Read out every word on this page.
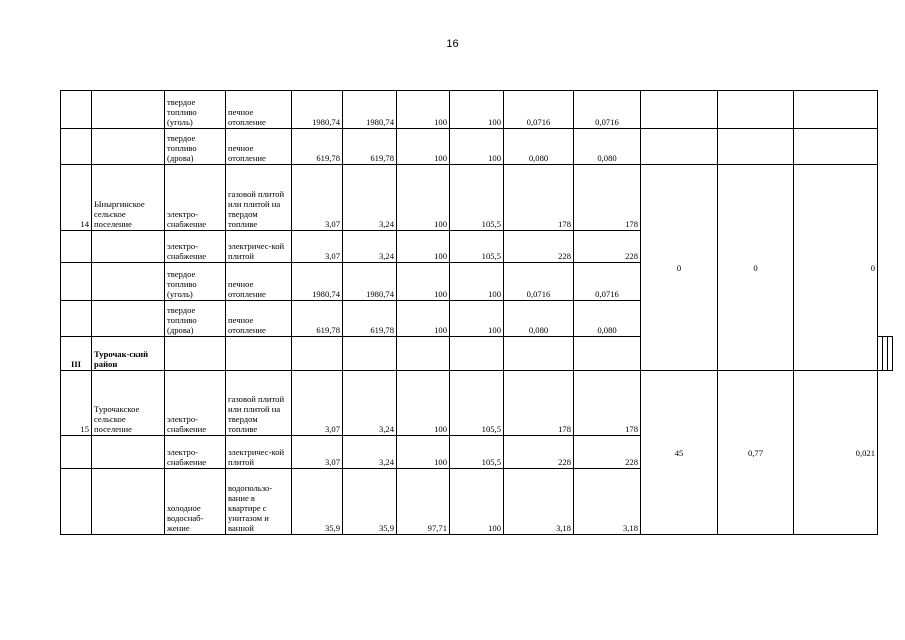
16
		твердое топливо (уголь)	печное отопление	1980,74	1980,74	100	100	0,0716	0,0716						
		твердое топливо (дрова)	печное отопление	619,78	619,78	100	100	0,080	0,080						
14	Ыныргинское сельское поселение	электро-снабжение	газовой плитой или плитой на твердом топливе	3,07	3,24	100	105,5	178	178	0	0	0			
		электро-снабжение	электричес-кой плитой	3,07	3,24	100	105,5	228	228						
		твердое топливо (уголь)	печное отопление	1980,74	1980,74	100	100	0,0716	0,0716						
		твердое топливо (дрова)	печное отопление	619,78	619,78	100	100	0,080	0,080						
III	Турочак-ский район														
15	Турочакское сельское поселение	электро-снабжение	газовой плитой или плитой на твердом топливе	3,07	3,24	100	105,5	178	178	45	0,77	0,021			
		электро-снабжение	электричес-кой плитой	3,07	3,24	100	105,5	228	228						
		холодное водоснаб-жение	водопользо-вание в квартире с унитазом и ванной	35,9	35,9	97,71	100	3,18	3,18						
